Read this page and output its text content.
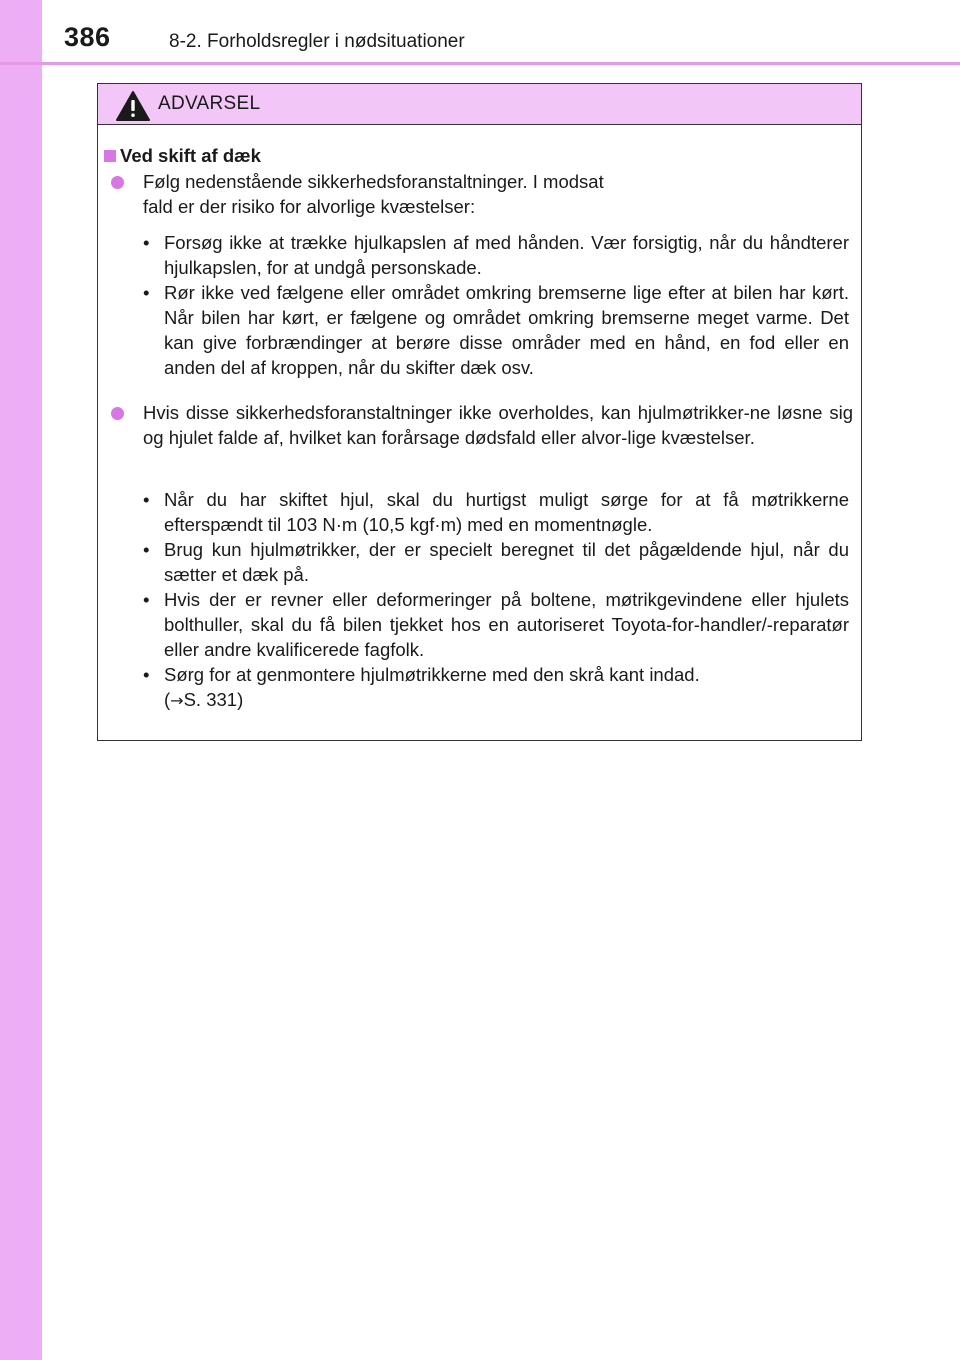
386	8-2. Forholdsregler i nødsituationer
ADVARSEL
Ved skift af dæk
Følg nedenstående sikkerhedsforanstaltninger. I modsat fald er der risiko for alvorlige kvæstelser:
• Forsøg ikke at trække hjulkapslen af med hånden. Vær forsigtig, når du håndterer hjulkapslen, for at undgå personskade.
• Rør ikke ved fælgene eller området omkring bremserne lige efter at bilen har kørt. Når bilen har kørt, er fælgene og området omkring bremserne meget varme. Det kan give forbrændinger at berøre disse områder med en hånd, en fod eller en anden del af kroppen, når du skifter dæk osv.
Hvis disse sikkerhedsforanstaltninger ikke overholdes, kan hjulmøtrikker-ne løsne sig og hjulet falde af, hvilket kan forårsage dødsfald eller alvor-lige kvæstelser.
• Når du har skiftet hjul, skal du hurtigst muligt sørge for at få møtrikkerne efterspændt til 103 N·m (10,5 kgf·m) med en momentnøgle.
• Brug kun hjulmøtrikker, der er specielt beregnet til det pågældende hjul, når du sætter et dæk på.
• Hvis der er revner eller deformeringer på boltene, møtrikgevindene eller hjulets bolthuller, skal du få bilen tjekket hos en autoriseret Toyota-for-handler/-reparatør eller andre kvalificerede fagfolk.
• Sørg for at genmontere hjulmøtrikkerne med den skrå kant indad.
(→S. 331)
